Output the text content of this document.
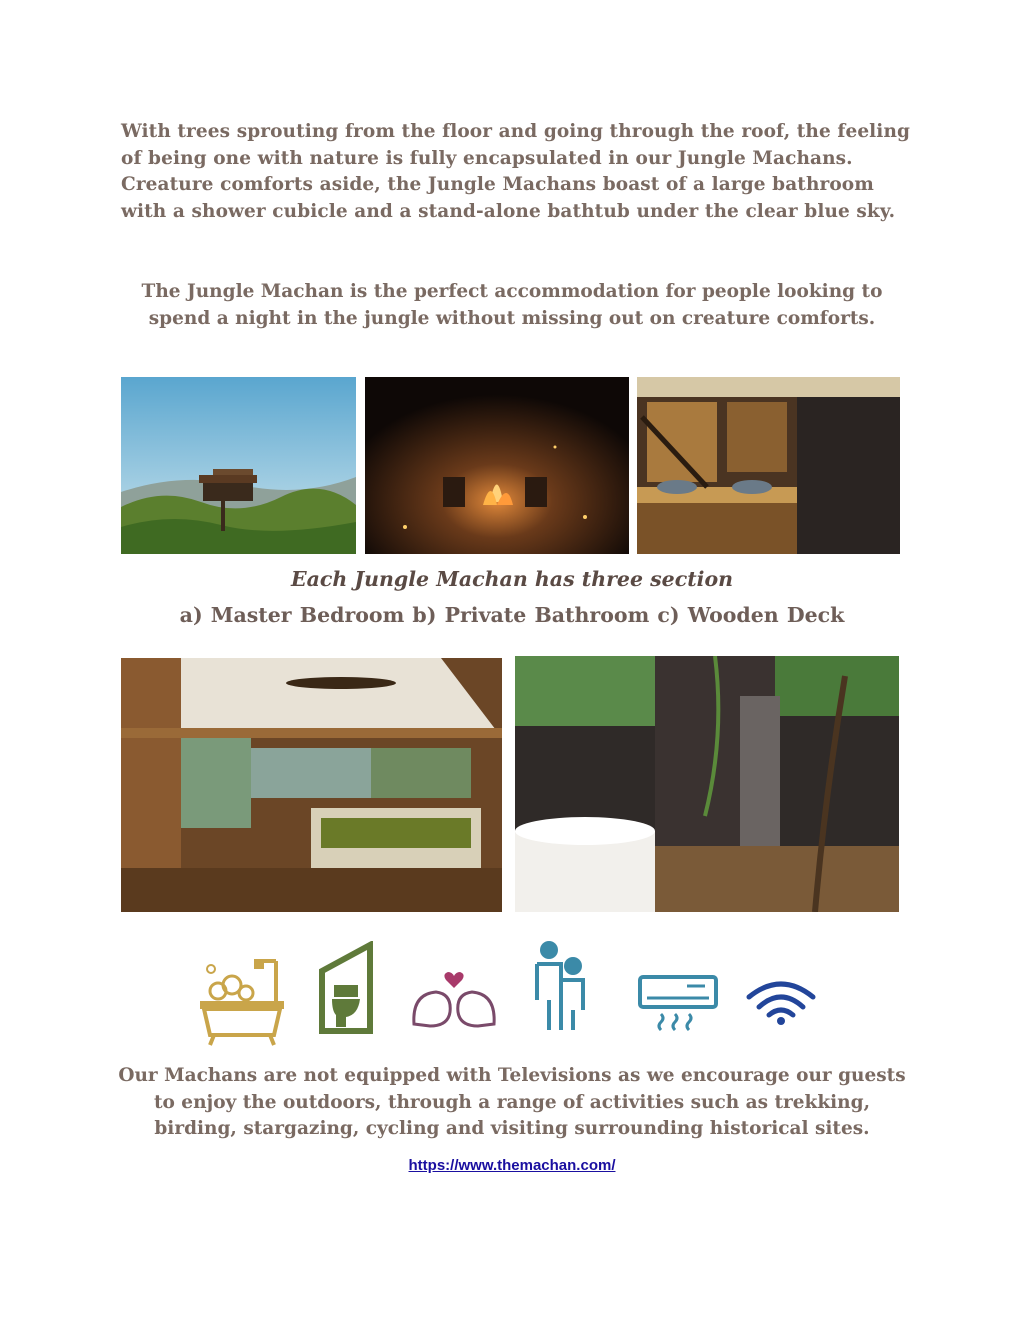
With trees sprouting from the floor and going through the roof, the feeling of being one with nature is fully encapsulated in our Jungle Machans. Creature comforts aside, the Jungle Machans boast of a large bathroom with a shower cubicle and a stand-alone bathtub under the clear blue sky.
The Jungle Machan is the perfect accommodation for people looking to spend a night in the jungle without missing out on creature comforts.
Each Jungle Machan has three section
a) Master Bedroom b) Private Bathroom c) Wooden Deck
Our Machans are not equipped with Televisions as we encourage our guests to enjoy the outdoors, through a range of activities such as trekking, birding, stargazing, cycling and visiting surrounding historical sites.
https://www.themachan.com/
